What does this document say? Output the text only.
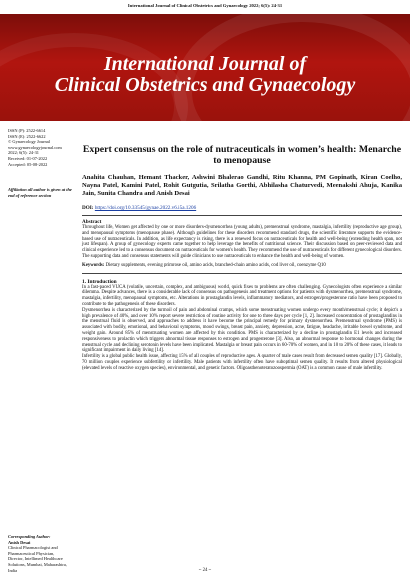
International Journal of Clinical Obstetrics and Gynaecology 2022; 6(5): 24-31
International Journal of
Clinical Obstetrics and Gynaecology
ISSN (P): 2522-6614
ISSN (E): 2522-6622
© Gynaecology Journal
www.gynaecologyjournal.com
2022; 6(5): 24-31
Received: 01-07-2022
Accepted: 05-08-2022
Affiliation all author is given at the end of reference section
Corresponding Author:
Anish Desai
Clinical Pharmacologist and
Pharmaceutical Physician,
Director, Intellimed Healthcare
Solutions, Mumbai, Maharashtra,
India
Expert consensus on the role of nutraceuticals in women’s health: Menarche to menopause
Anahita Chauhan, Hemant Thacker, Ashwini Bhalerao Gandhi, Ritu Khanna, PM Gopinath, Kiran Coelho, Nayna Patel, Kamini Patel, Rohit Gutgutia, Srilatha Gorthi, Abhilasha Chaturvedi, Meenakshi Ahuja, Kanika Jain, Sunita Chandra and Anish Desai
DOI: https://doi.org/10.33545/gynae.2022.v6.i5a.1206
Abstract
Throughout life, Women get affected by one or more disorders-dysmenorrhea (young adults), premenstrual syndrome, mastalgia, infertility (reproductive age group), and menopausal symptoms (menopause phase). Although guidelines for these disorders recommend standard drugs, the scientific literature supports the evidence-based use of nutraceuticals. In addition, as life expectancy is rising, there is a renewed focus on nutraceuticals for health and well-being (extending health span, not just lifespan). A group of gynecology experts came together to help leverage the benefits of nutritional science. Their discussion based on peer-reviewed data and clinical experience led to a consensus document on nutraceuticals for women's health. They recommend the use of nutraceuticals for different gynecological disorders. The supporting data and consensus statements will guide clinicians to use nutraceuticals to enhance the health and well-being of women.
Keywords: Dietary supplements, evening primrose oil, amino acids, branched-chain amino acids, cod liver oil, coenzyme Q10
1. Introduction
In a fast-paced VUCA (volatile, uncertain, complex, and ambiguous) world, quick fixes to problems are often challenging. Gynecologists often experience a similar dilemma. Despite advances, there is a considerable lack of consensus on pathogenesis and treatment options for patients with dysmenorrhea, premenstrual syndrome, mastalgia, infertility, menopausal symptoms, etc. Alterations in prostaglandin levels, inflammatory mediators, and estrogen/progesterone ratio have been proposed to contribute to the pathogenesis of these disorders.
Dysmenorrhea is characterized by the turmoil of pain and abdominal cramps, which some menstruating women undergo every month/menstrual cycle; it depict's a high prevalence of 40%, and over 10% report severe restriction of routine activity for one to three days per cycle [1, 2]. Increased concentration of prostaglandins in the menstrual fluid is observed, and approaches to address it have become the principal remedy for primary dysmenorrhea. Premenstrual syndrome (PMS) is associated with bodily, emotional, and behavioral symptoms, mood swings, breast pain, anxiety, depression, acne, fatigue, headache, irritable bowel syndrome, and weight gain. Around 85% of menstruating women are affected by this condition. PMS is characterized by a decline in prostaglandin E1 levels and increased responsiveness to prolactin which triggers abnormal tissue responses to estrogen and progesterone [3]. Also, an abnormal response to hormonal changes during the menstrual cycle and declining serotonin levels have been implicated. Mastalgia or breast pain occurs in 60-70% of women, and in 10 to 20% of these cases, it leads to significant impairment in daily living [14].
Infertility is a global public health issue, affecting 15% of all couples of reproductive ages. A quarter of male cases result from decreased semen quality [17]. Globally, 70 million couples experience subfertility or infertility. Male patients with infertility often have suboptimal semen quality. It results from altered physiological (elevated levels of reactive oxygen species), environmental, and genetic factors. Oligoasthenoteratozoospermia (OAT) is a common cause of male infertility.
~ 24 ~
